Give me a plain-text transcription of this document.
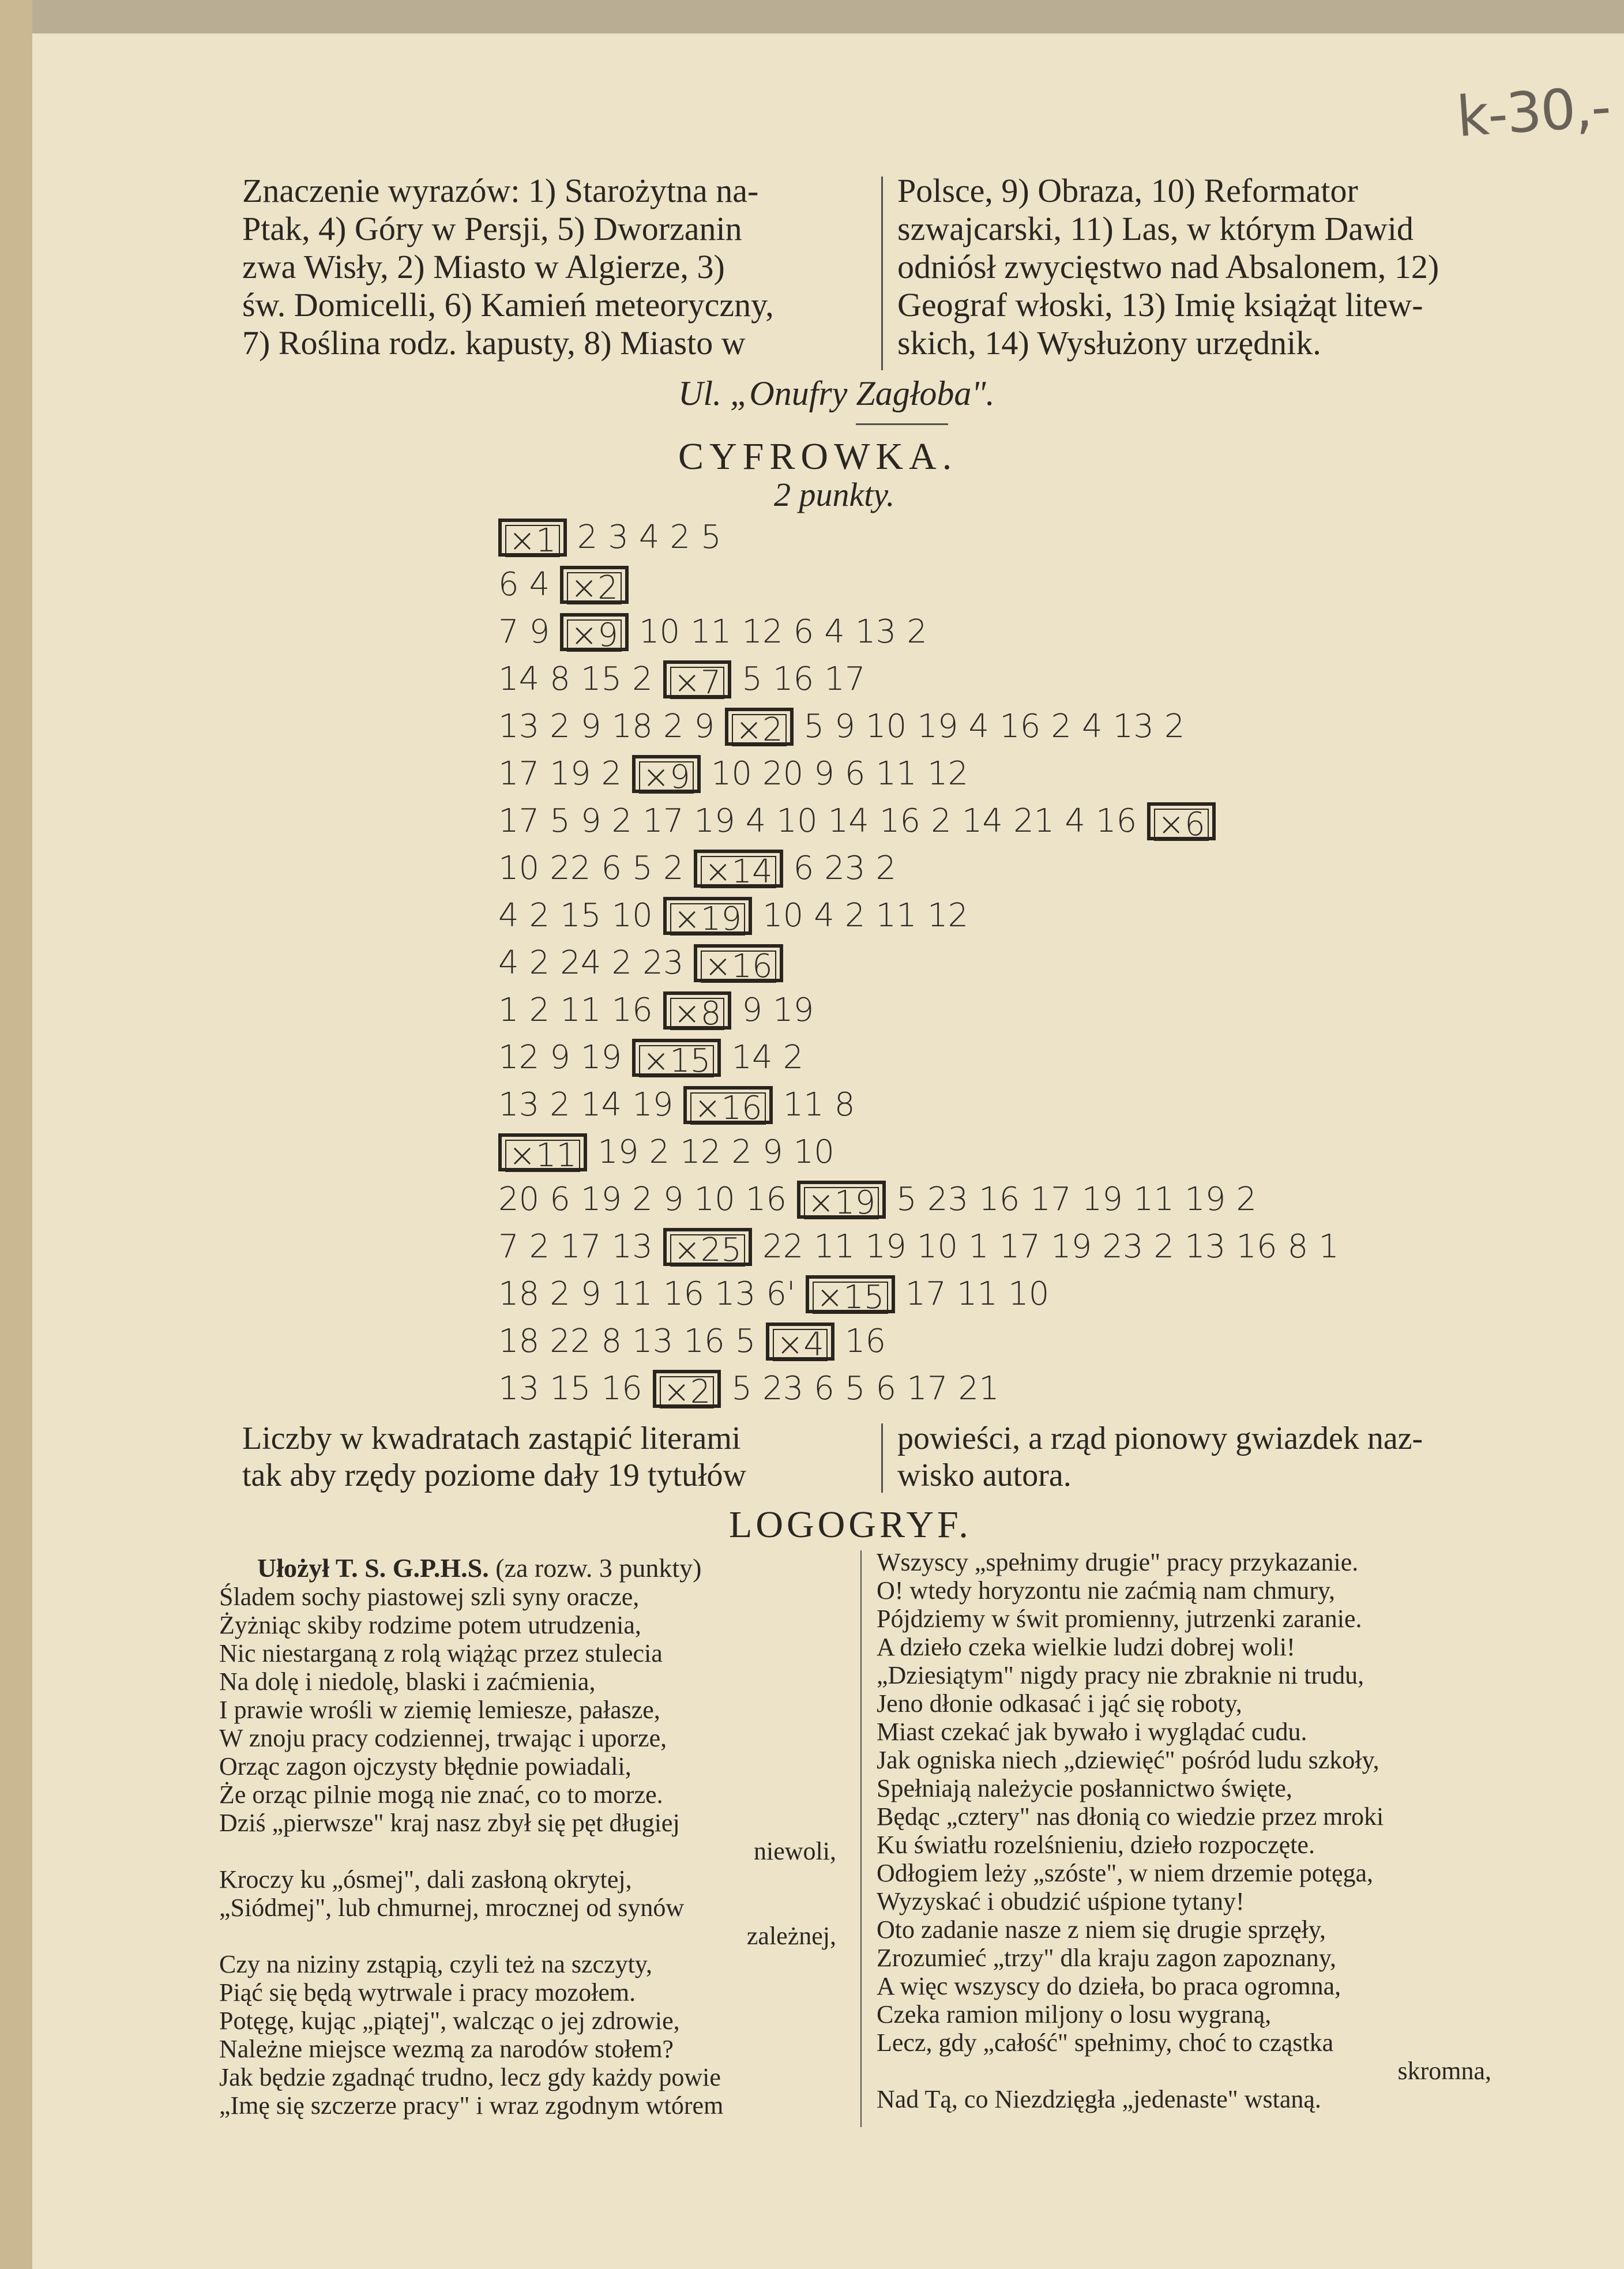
k-30,-
Znaczenie wyrazów: 1) Starożytna na-
Ptak, 4) Góry w Persji, 5) Dworzanin
zwa Wisły, 2) Miasto w Algierze, 3)
św. Domicelli, 6) Kamień meteoryczny,
7) Roślina rodz. kapusty, 8) Miasto w
Polsce, 9) Obraza, 10) Reformator
szwajcarski, 11) Las, w którym Dawid
odniósł zwycięstwo nad Absalonem, 12)
Geograf włoski, 13) Imię książąt litew-
skich, 14) Wysłużony urzędnik.
Ul. „Onufry Zagłoba".
CYFROWKA.
2 punkty.
×1 2 3 4 2 5
6 4 ×2
7 9 ×9 10 11 12 6 4 13 2
14 8 15 2 ×7 5 16 17
13 2 9 18 2 9 ×2 5 9 10 19 4 16 2 4 13 2
17 19 2 ×9 10 20 9 6 11 12
17 5 9 2 17 19 4 10 14 16 2 14 21 4 16 ×6
10 22 6 5 2 ×14 6 23 2
4 2 15 10 ×19 10 4 2 11 12
4 2 24 2 23 ×16
1 2 11 16 ×8 9 19
12 9 19 ×15 14 2
13 2 14 19 ×16 11 8
×11 19 2 12 2 9 10
20 6 19 2 9 10 16 ×19 5 23 16 17 19 11 19 2
7 2 17 13 ×25 22 11 19 10 1 17 19 23 2 13 16 8 1
18 2 9 11 16 13 6' ×15 17 11 10
18 22 8 13 16 5 ×4 16
13 15 16 ×2 5 23 6 5 6 17 21
Liczby w kwadratach zastąpić literami
tak aby rzędy poziome dały 19 tytułów
powieści, a rząd pionowy gwiazdek naz-
wisko autora.
LOGOGRYF.
Ułożył T. S. G.P.H.S. (za rozw. 3 punkty)
Śladem sochy piastowej szli syny oracze,
Żyżniąc skiby rodzime potem utrudzenia,
Nic niestarganą z rolą wiążąc przez stulecia
Na dolę i niedolę, blaski i zaćmienia,
I prawie wrośli w ziemię lemiesze, pałasze,
W znoju pracy codziennej, trwając i uporze,
Orząc zagon ojczysty błędnie powiadali,
Że orząc pilnie mogą nie znać, co to morze.
Dziś „pierwsze" kraj nasz zbył się pęt długiej
niewoli,
Kroczy ku „ósmej", dali zasłoną okrytej,
„Siódmej", lub chmurnej, mrocznej od synów
zależnej,
Czy na niziny zstąpią, czyli też na szczyty,
Piąć się będą wytrwale i pracy mozołem.
Potęgę, kując „piątej", walcząc o jej zdrowie,
Należne miejsce wezmą za narodów stołem?
Jak będzie zgadnąć trudno, lecz gdy każdy powie
„Imę się szczerze pracy" i wraz zgodnym wtórem
Wszyscy „spełnimy drugie" pracy przykazanie.
O! wtedy horyzontu nie zaćmią nam chmury,
Pójdziemy w świt promienny, jutrzenki zaranie.
A dzieło czeka wielkie ludzi dobrej woli!
„Dziesiątym" nigdy pracy nie zbraknie ni trudu,
Jeno dłonie odkasać i jąć się roboty,
Miast czekać jak bywało i wyglądać cudu.
Jak ogniska niech „dziewięć" pośród ludu szkoły,
Spełniają należycie posłannictwo święte,
Będąc „cztery" nas dłonią co wiedzie przez mroki
Ku światłu rozelśnieniu, dzieło rozpoczęte.
Odłogiem leży „szóste", w niem drzemie potęga,
Wyzyskać i obudzić uśpione tytany!
Oto zadanie nasze z niem się drugie sprzęły,
Zrozumieć „trzy" dla kraju zagon zapoznany,
A więc wszyscy do dzieła, bo praca ogromna,
Czeka ramion miljony o losu wygraną,
Lecz, gdy „całość" spełnimy, choć to cząstka
skromna,
Nad Tą, co Niezdzięgła „jedenaste" wstaną.
